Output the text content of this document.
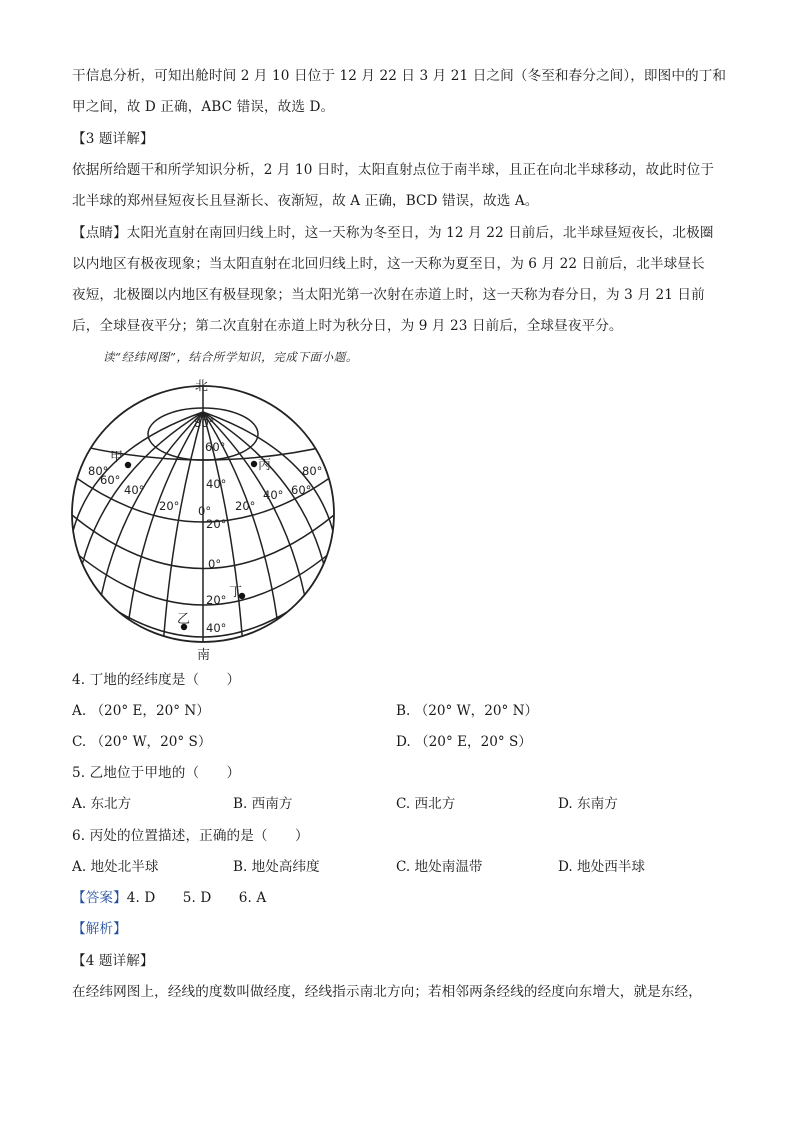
干信息分析，可知出舱时间 2 月 10 日位于 12 月 22 日 3 月 21 日之间（冬至和春分之间），即图中的丁和
甲之间，故 D 正确，ABC 错误，故选 D。
【3 题详解】
依据所给题干和所学知识分析，2 月 10 日时，太阳直射点位于南半球，且正在向北半球移动，故此时位于
北半球的郑州昼短夜长且昼渐长、夜渐短，故 A 正确，BCD 错误，故选 A。
【点睛】太阳光直射在南回归线上时，这一天称为冬至日，为 12 月 22 日前后，北半球昼短夜长，北极圈
以内地区有极夜现象；当太阳直射在北回归线上时，这一天称为夏至日，为 6 月 22 日前后，北半球昼长
夜短，北极圈以内地区有极昼现象；当太阳光第一次射在赤道上时，这一天称为春分日，为 3 月 21 日前
后，全球昼夜平分；第二次直射在赤道上时为秋分日，为 9 月 23 日前后，全球昼夜平分。
读“经纬网图”，结合所学知识，完成下面小题。
北
南
甲
丙
丁
乙
80°
60°
40°
80°
60°
40°
20° 0° 20°
40° 60°
80°
20°
0°
20°
40°
4. 丁地的经纬度是（　　）
A. （20° E，20° N）	B. （20° W，20° N）
C. （20° W，20° S）	D. （20° E，20° S）
5. 乙地位于甲地的（　　）
A. 东北方	B. 西南方	C. 西北方	D. 东南方
6. 丙处的位置描述，正确的是（　　）
A. 地处北半球	B. 地处高纬度	C. 地处南温带	D. 地处西半球
【答案】4. D　　5. D　　6. A
【解析】
【4 题详解】
在经纬网图上，经线的度数叫做经度，经线指示南北方向；若相邻两条经线的经度向东增大，就是东经，
